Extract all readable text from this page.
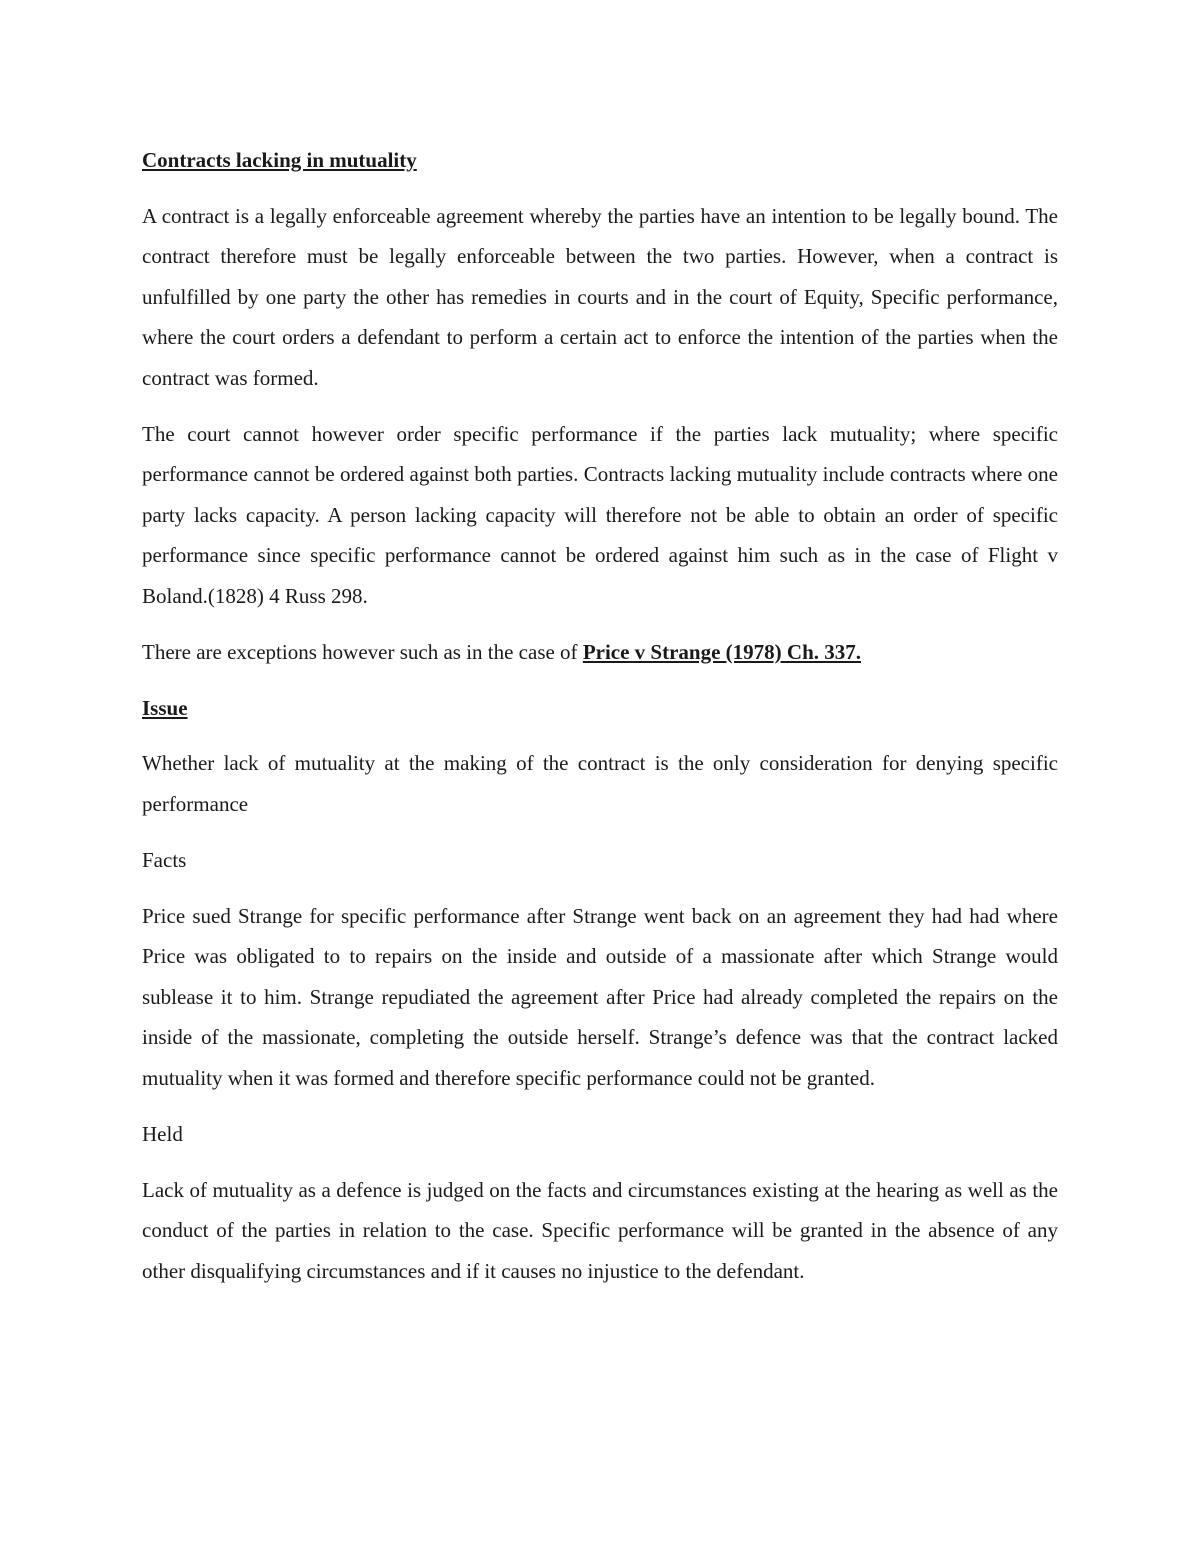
Contracts lacking in mutuality

A contract is a legally enforceable agreement whereby the parties have an intention to be legally bound. The contract therefore must be legally enforceable between the two parties. However, when a contract is unfulfilled by one party the other has remedies in courts and in the court of Equity, Specific performance, where the court orders a defendant to perform a certain act to enforce the intention of the parties when the contract was formed.

The court cannot however order specific performance if the parties lack mutuality; where specific performance cannot be ordered against both parties. Contracts lacking mutuality include contracts where one party lacks capacity. A person lacking capacity will therefore not be able to obtain an order of specific performance since specific performance cannot be ordered against him such as in the case of Flight v Boland.(1828) 4 Russ 298.

There are exceptions however such as in the case of Price v Strange (1978) Ch. 337.

Issue

Whether lack of mutuality at the making of the contract is the only consideration for denying specific performance

Facts

Price sued Strange for specific performance after Strange went back on an agreement they had had where Price was obligated to to repairs on the inside and outside of a massionate after which Strange would sublease it to him. Strange repudiated the agreement after Price had already completed the repairs on the inside of the massionate, completing the outside herself. Strange’s defence was that the contract lacked mutuality when it was formed and therefore specific performance could not be granted.

Held

Lack of mutuality as a defence is judged on the facts and circumstances existing at the hearing as well as the conduct of the parties in relation to the case. Specific performance will be granted in the absence of any other disqualifying circumstances and if it causes no injustice to the defendant.
